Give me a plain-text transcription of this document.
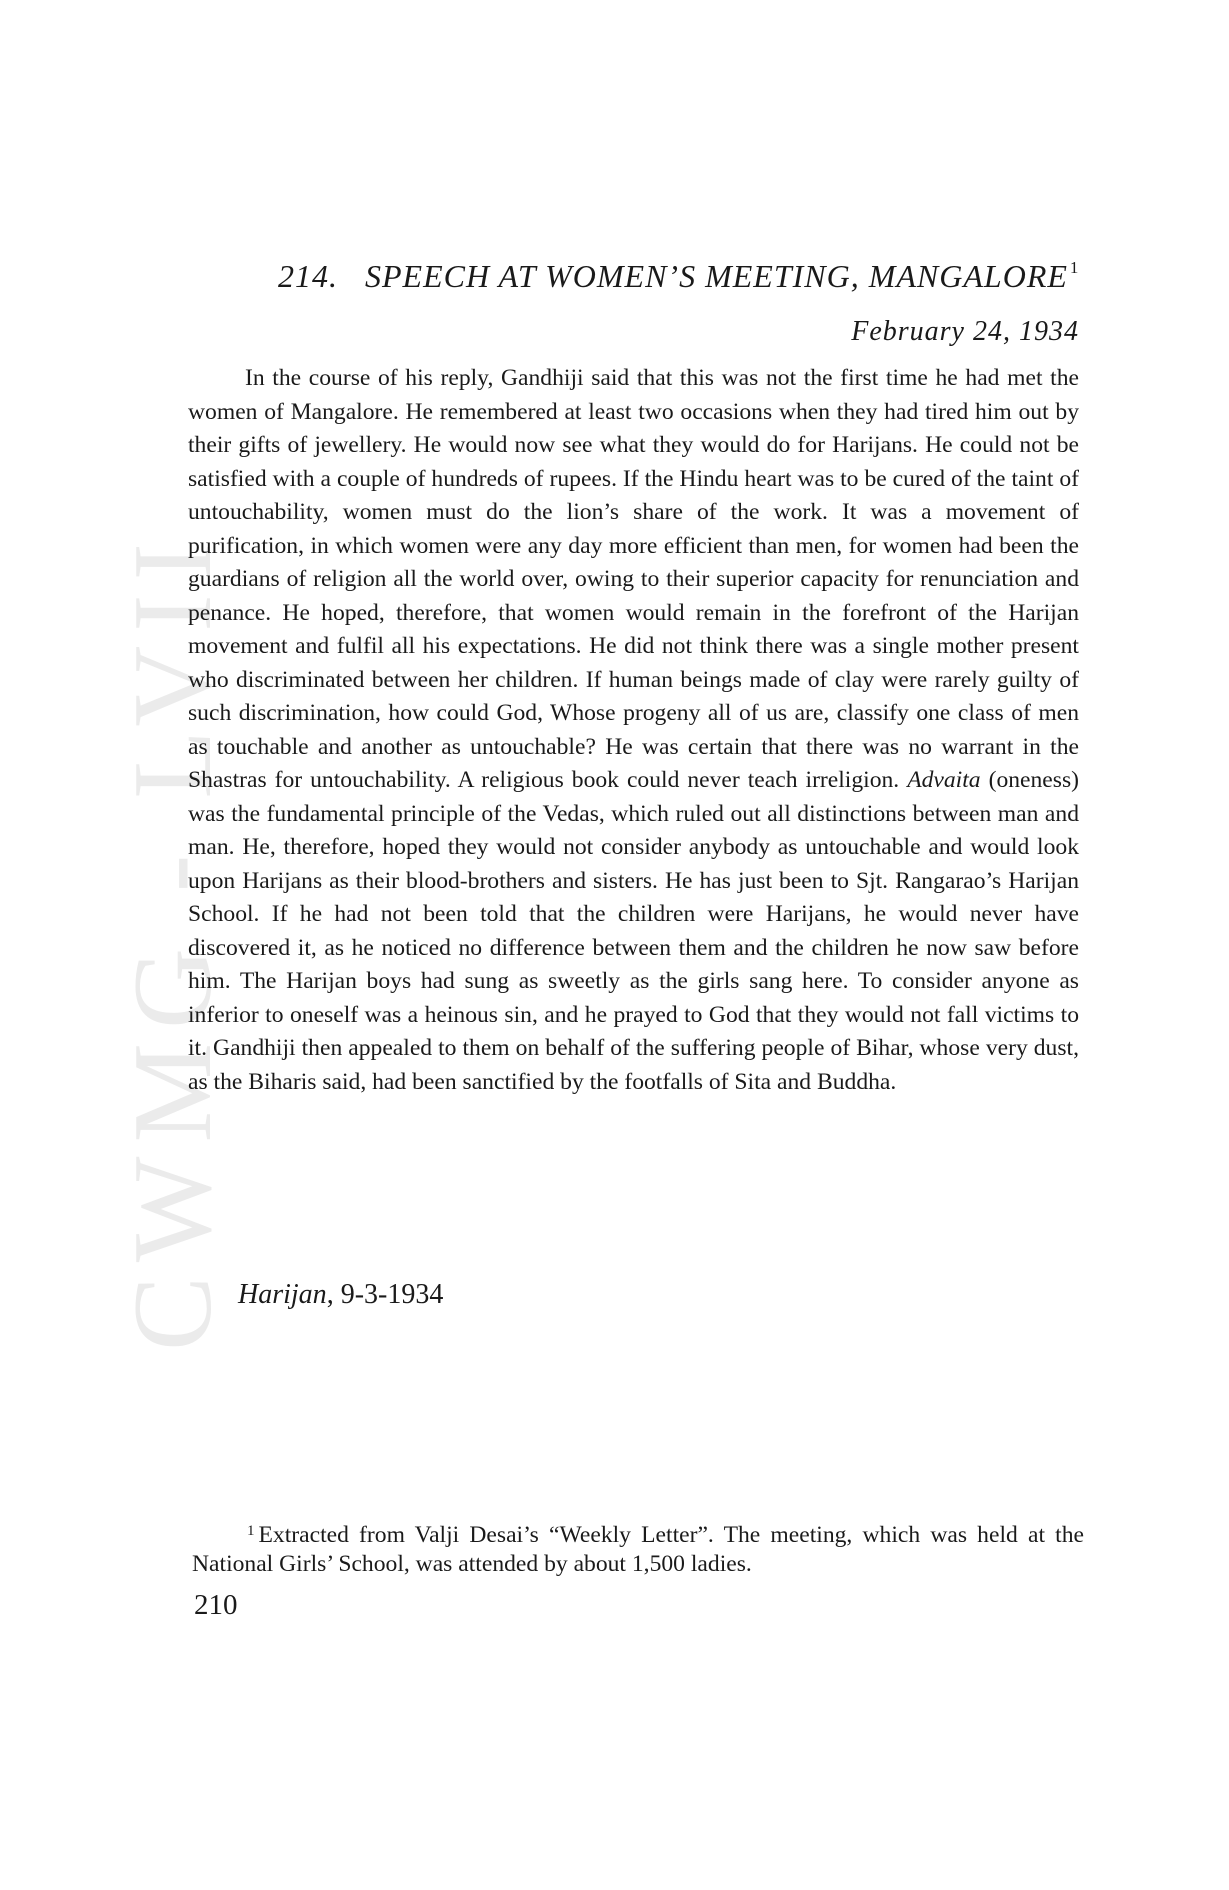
CWMG - LVII
214. SPEECH AT WOMEN’S MEETING, MANGALORE $^1$
February 24, 1934

In the course of his reply, Gandhiji said that this was not the first time he had met the women of Mangalore. He remembered at least two occasions when they had tired him out by their gifts of jewellery. He would now see what they would do for Harijans. He could not be satisfied with a couple of hundreds of rupees. If the Hindu heart was to be cured of the taint of untouchability, women must do the lion’s share of the work. It was a movement of purification, in which women were any day more efficient than men, for women had been the guardians of religion all the world over, owing to their superior capacity for renunciation and penance. He hoped, therefore, that women would remain in the forefront of the Harijan movement and fulfil all his expectations. He did not think there was a single mother present who discriminated between her children. If human beings made of clay were rarely guilty of such discrimination, how could God, Whose progeny all of us are, classify one class of men as touchable and another as untouchable? He was certain that there was no warrant in the Shastras for untouchability. A religious book could never teach irreligion. Advaita (oneness) was the fundamental principle of the Vedas, which ruled out all distinctions between man and man. He, therefore, hoped they would not consider anybody as untouchable and would look upon Harijans as their blood-brothers and sisters. He has just been to Sjt. Rangarao’s Harijan School. If he had not been told that the children were Harijans, he would never have discovered it, as he noticed no difference between them and the children he now saw before him. The Harijan boys had sung as sweetly as the girls sang here. To consider anyone as inferior to oneself was a heinous sin, and he prayed to God that they would not fall victims to it. Gandhiji then appealed to them on behalf of the suffering people of Bihar, whose very dust, as the Biharis said, had been sanctified by the footfalls of Sita and Buddha.

Harijan, 9-3-1934

$^1$ Extracted from Valji Desai’s “Weekly Letter”. The meeting, which was held at the National Girls’ School, was attended by about 1,500 ladies.

210
